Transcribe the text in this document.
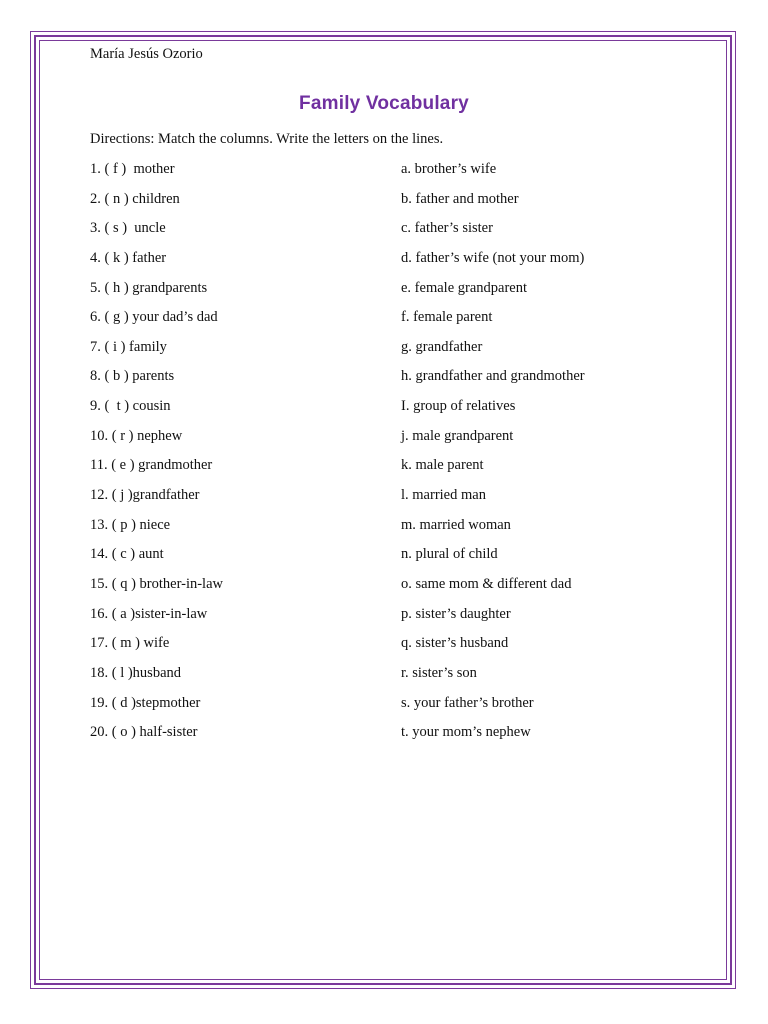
María Jesús Ozorio
Family Vocabulary
Directions: Match the columns. Write the letters on the lines.
1. ( f )  mother
2. ( n ) children
3. ( s )  uncle
4. ( k ) father
5. ( h ) grandparents
6. ( g ) your dad’s dad
7. ( i ) family
8. ( b ) parents
9. (  t ) cousin
10. ( r ) nephew
11. ( e ) grandmother
12. ( j )grandfather
13. ( p ) niece
14. ( c ) aunt
15. ( q ) brother-in-law
16. ( a )sister-in-law
17. ( m ) wife
18. ( l )husband
19. ( d )stepmother
20. ( o ) half-sister
a. brother’s wife
b. father and mother
c. father’s sister
d. father’s wife (not your mom)
e. female grandparent
f. female parent
g. grandfather
h. grandfather and grandmother
I. group of relatives
j. male grandparent
k. male parent
l. married man
m. married woman
n. plural of child
o. same mom & different dad
p. sister’s daughter
q. sister’s husband
r. sister’s son
s. your father’s brother
t. your mom’s nephew
